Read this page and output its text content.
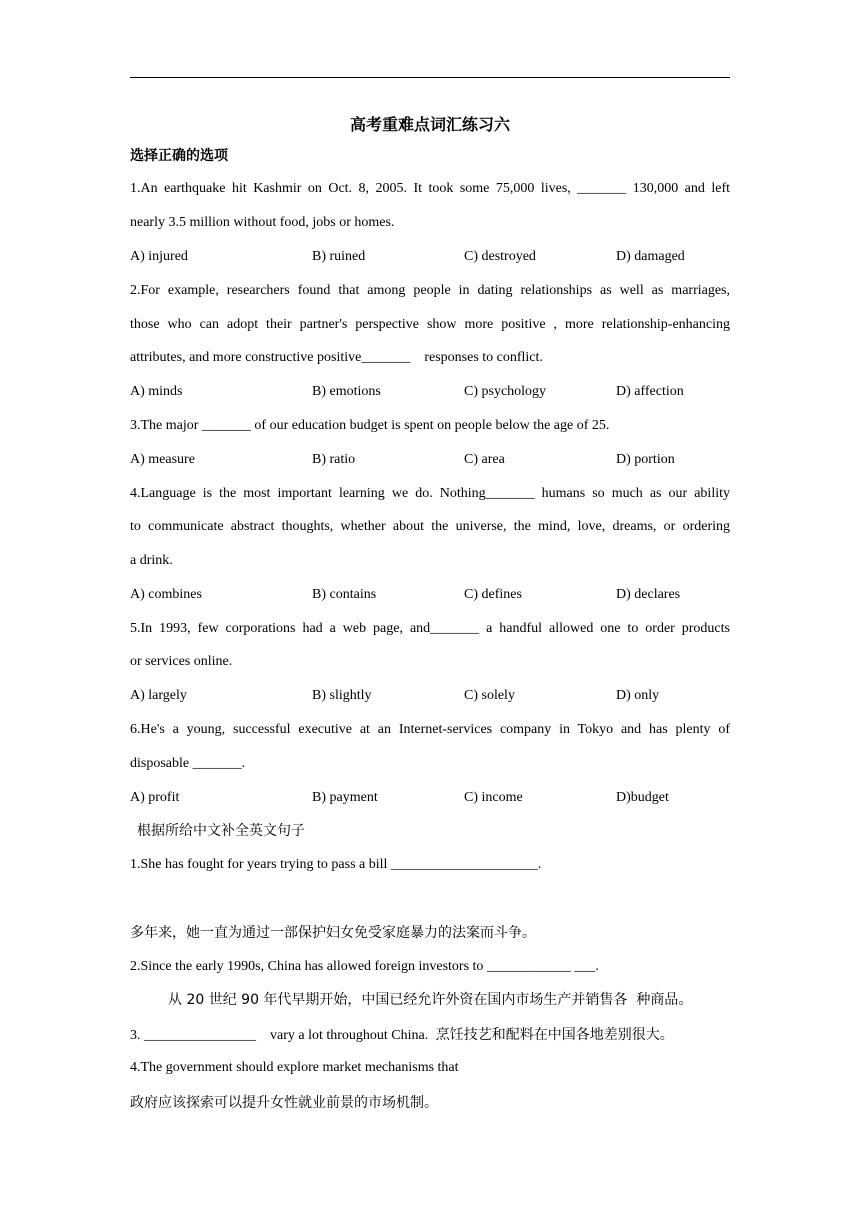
高考重难点词汇练习六
选择正确的选项
1.An earthquake hit Kashmir on Oct. 8, 2005. It took some 75,000 lives, _______ 130,000 and left
nearly 3.5 million without food, jobs or homes.
A) injured	B) ruined	C) destroyed	D) damaged
2.For example, researchers found that among people in dating relationships as well as marriages,
those who can adopt their partner's perspective show more positive , more relationship-enhancing
attributes, and more constructive positive_______    responses to conflict.
A) minds	B) emotions	C) psychology	D) affection
3.The major _______ of our education budget is spent on people below the age of 25.
A) measure	B) ratio	C) area	D) portion
4.Language is the most important learning we do. Nothing_______ humans so much as our ability
to communicate abstract thoughts, whether about the universe, the mind, love, dreams, or ordering
a drink.
A) combines	B) contains	C) defines	D) declares
5.In 1993, few corporations had a web page, and_______ a handful allowed one to order products
or services online.
A) largely	B) slightly	C) solely	D) only
6.He's a young, successful executive at an Internet-services company in Tokyo and has plenty of
disposable _______.
A) profit	B) payment	C) income	D)budget
根据所给中文补全英文句子
1.She has fought for years trying to pass a bill _____________________.
多年来，她一直为通过一部保护妇女免受家庭暴力的法案而斗争。
2.Since the early 1990s, China has allowed foreign investors to ____________ ___.
从 20 世纪 90 年代早期开始，中国已经允许外资在国内市场生产并销售各  种商品。
3. ________________    vary a lot throughout China. 烹饪技艺和配料在中国各地差别很大。
4.The government should explore market mechanisms that
政府应该探索可以提升女性就业前景的市场机制。
